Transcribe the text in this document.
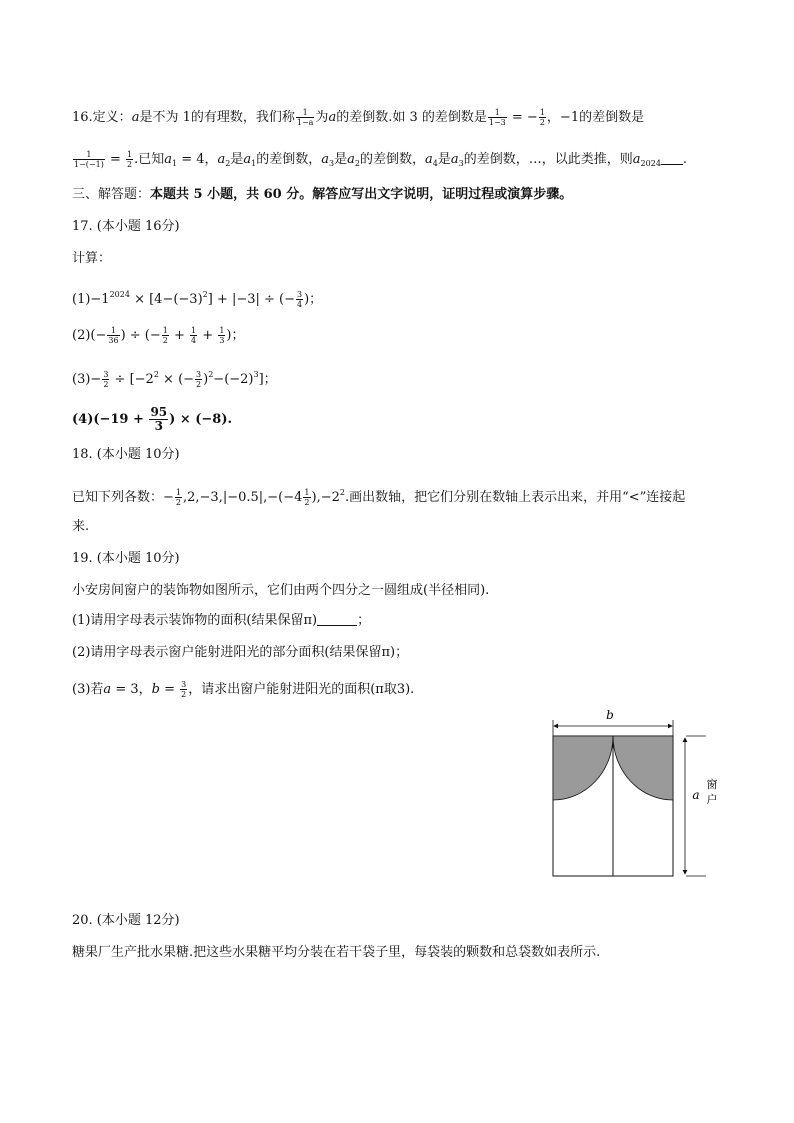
16.定义：a是不为 1的有理数，我们称 $\frac{1}{1-a}$ 为a的差倒数.如 3 的差倒数是 $\frac{1}{1-3}$ = − $\frac{1}{2}$ ，−1的差倒数是
$\frac{1}{1-(-1)} = \frac{1}{2}$ .已知$a_1 = 4$，$a_2$是$a_1$的差倒数，$a_3$是$a_2$的差倒数，$a_4$是$a_3$的差倒数，…，以此类推，则$a_{2024}$ .
三、解答题：本题共 5 小题，共 60 分。解答应写出文字说明，证明过程或演算步骤。
17. (本小题 16分)
计算：
$(1)-1^{2024} \times [4-(-3)^2] + |-3|$ ÷ (− $\frac{3}{4}$ )；
$(2)(- \frac{1}{36}$ ) ÷ (− $\frac{1}{2} + \frac{1}{4} + \frac{1}{3}$ )；
$(3)- \frac{3}{2} \div [-2^2$ × (− $\frac{3}{2} )^2-(-2)^3$]；
$(4)(-19 + \frac{95}{3}$ ) × (−8).
18. (本小题 10分)
已知下列各数：− $\frac{1}{2} ,2,-3,|-0.5|,-(-4 \frac{1}{2} ),-2^2$.画出数轴，把它们分别在数轴上表示出来，并用“<”连接起
来.
19. (本小题 10分)
小安房间窗户的装饰物如图所示，它们由两个四分之一圆组成(半径相同).
(1)请用字母表示装饰物的面积(结果保留π)	；
(2)请用字母表示窗户能射进阳光的部分面积(结果保留π)；
(3)若a = 3，$b = \frac{3}{2}$ ，请求出窗户能射进阳光的面积(π取3).
b
a
窗
户
20. (本小题 12分)
糖果厂生产批水果糖.把这些水果糖平均分装在若干袋子里，每袋装的颗数和总袋数如表所示.
